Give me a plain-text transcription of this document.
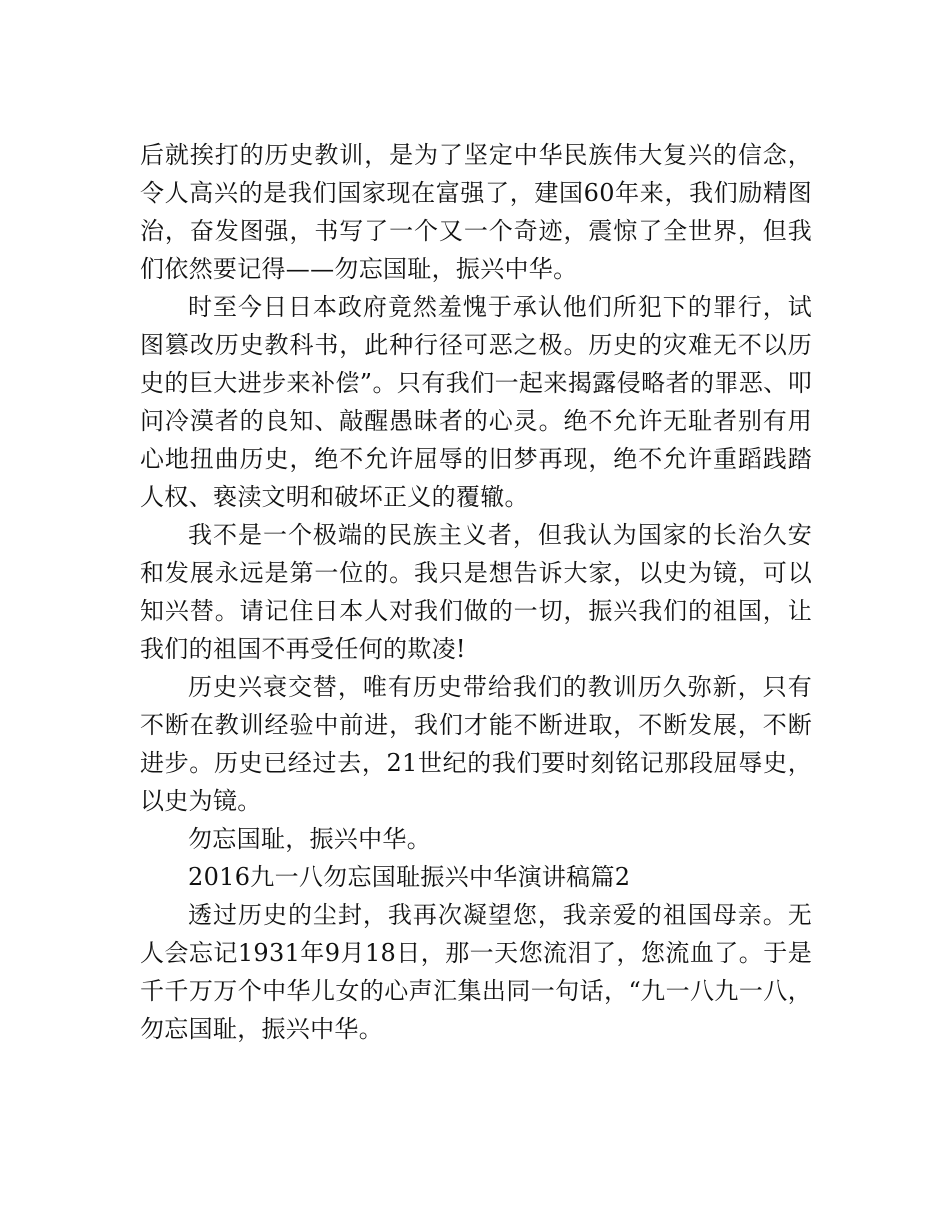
后就挨打的历史教训，是为了坚定中华民族伟大复兴的信念，令人高兴的是我们国家现在富强了，建国60年来，我们励精图治，奋发图强，书写了一个又一个奇迹，震惊了全世界，但我们依然要记得——勿忘国耻，振兴中华。

时至今日日本政府竟然羞愧于承认他们所犯下的罪行，试图篡改历史教科书，此种行径可恶之极。历史的灾难无不以历史的巨大进步来补偿”。只有我们一起来揭露侵略者的罪恶、叩问冷漠者的良知、敲醒愚昧者的心灵。绝不允许无耻者别有用心地扭曲历史，绝不允许屈辱的旧梦再现，绝不允许重蹈践踏人权、亵渎文明和破坏正义的覆辙。

我不是一个极端的民族主义者，但我认为国家的长治久安和发展永远是第一位的。我只是想告诉大家，以史为镜，可以知兴替。请记住日本人对我们做的一切，振兴我们的祖国，让我们的祖国不再受任何的欺凌!

历史兴衰交替，唯有历史带给我们的教训历久弥新，只有不断在教训经验中前进，我们才能不断进取，不断发展，不断进步。历史已经过去，21世纪的我们要时刻铭记那段屈辱史，以史为镜。

勿忘国耻，振兴中华。

2016九一八勿忘国耻振兴中华演讲稿篇2

透过历史的尘封，我再次凝望您，我亲爱的祖国母亲。无人会忘记1931年9月18日，那一天您流泪了，您流血了。于是千千万万个中华儿女的心声汇集出同一句话，“九一八九一八，勿忘国耻，振兴中华。
